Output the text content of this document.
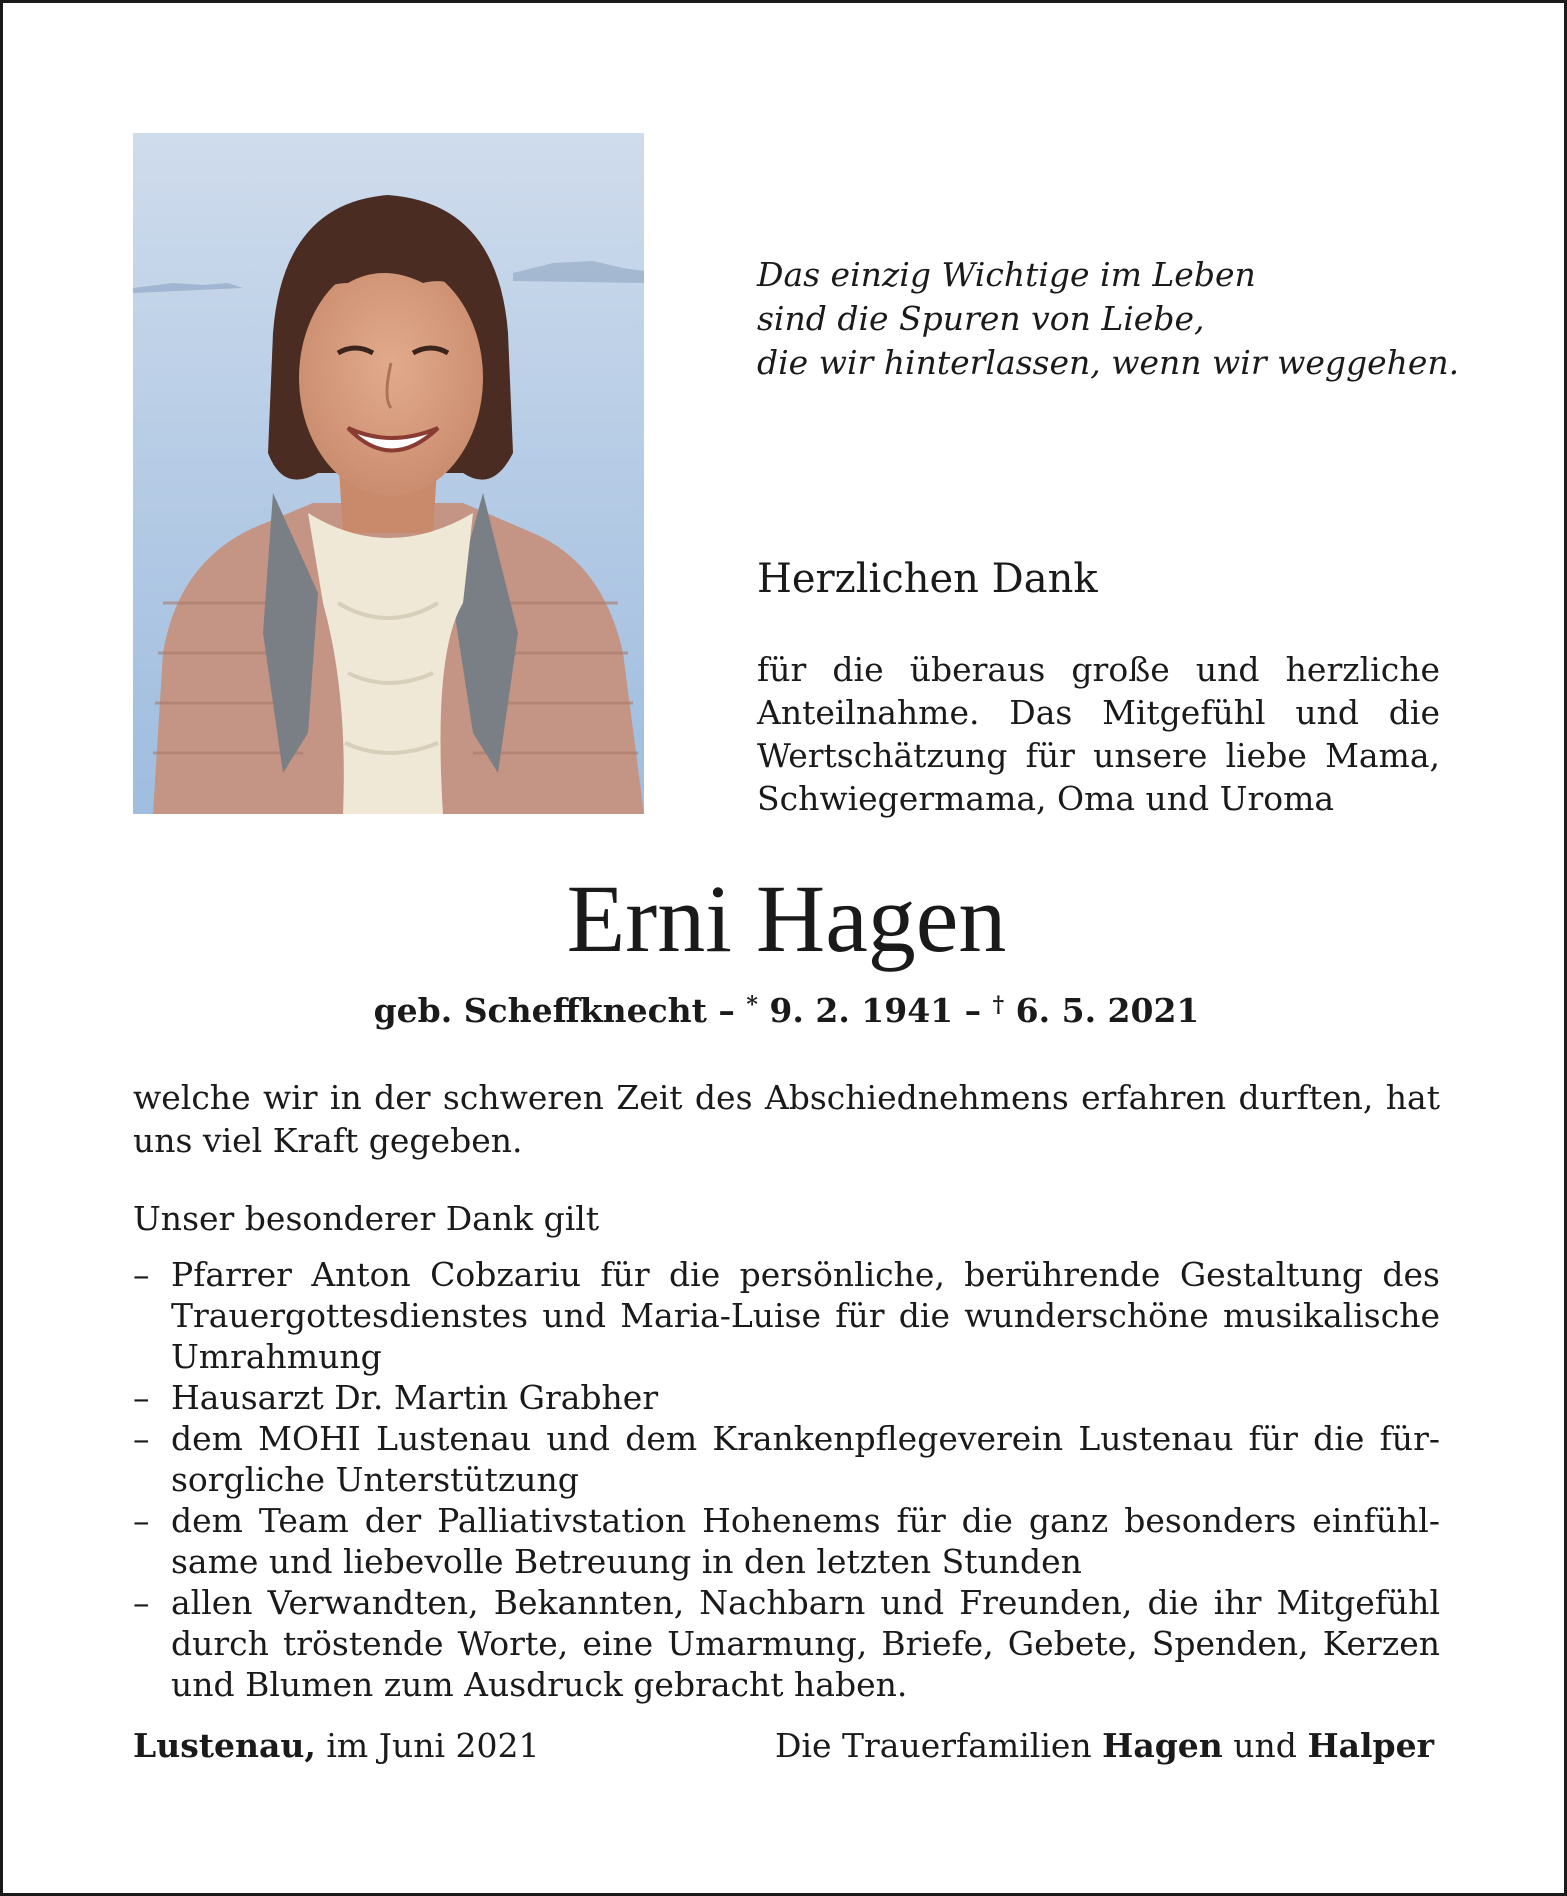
Das einzig Wichtige im Leben
sind die Spuren von Liebe,
die wir hinterlassen, wenn wir weggehen.
Herzlichen Dank
für die überaus große und herzliche Anteilnahme. Das Mitgefühl und die Wertschätzung für unsere liebe Mama, Schwiegermama, Oma und Uroma
Erni Hagen
geb. Scheffknecht – * 9. 2. 1941 – † 6. 5. 2021
welche wir in der schweren Zeit des Abschiednehmens erfahren durften, hat uns viel Kraft gegeben.
Unser besonderer Dank gilt
– Pfarrer Anton Cobzariu für die persönliche, berührende Gestaltung des Trauergottesdienstes und Maria-Luise für die wunderschöne musikalische Umrahmung
– Hausarzt Dr. Martin Grabher
– dem MOHI Lustenau und dem Krankenpflegeverein Lustenau für die fürsorgliche Unterstützung
– dem Team der Palliativstation Hohenems für die ganz besonders einfühlsame und liebevolle Betreuung in den letzten Stunden
– allen Verwandten, Bekannten, Nachbarn und Freunden, die ihr Mitgefühl durch tröstende Worte, eine Umarmung, Briefe, Gebete, Spenden, Kerzen und Blumen zum Ausdruck gebracht haben.
Lustenau, im Juni 2021	Die Trauerfamilien Hagen und Halper
